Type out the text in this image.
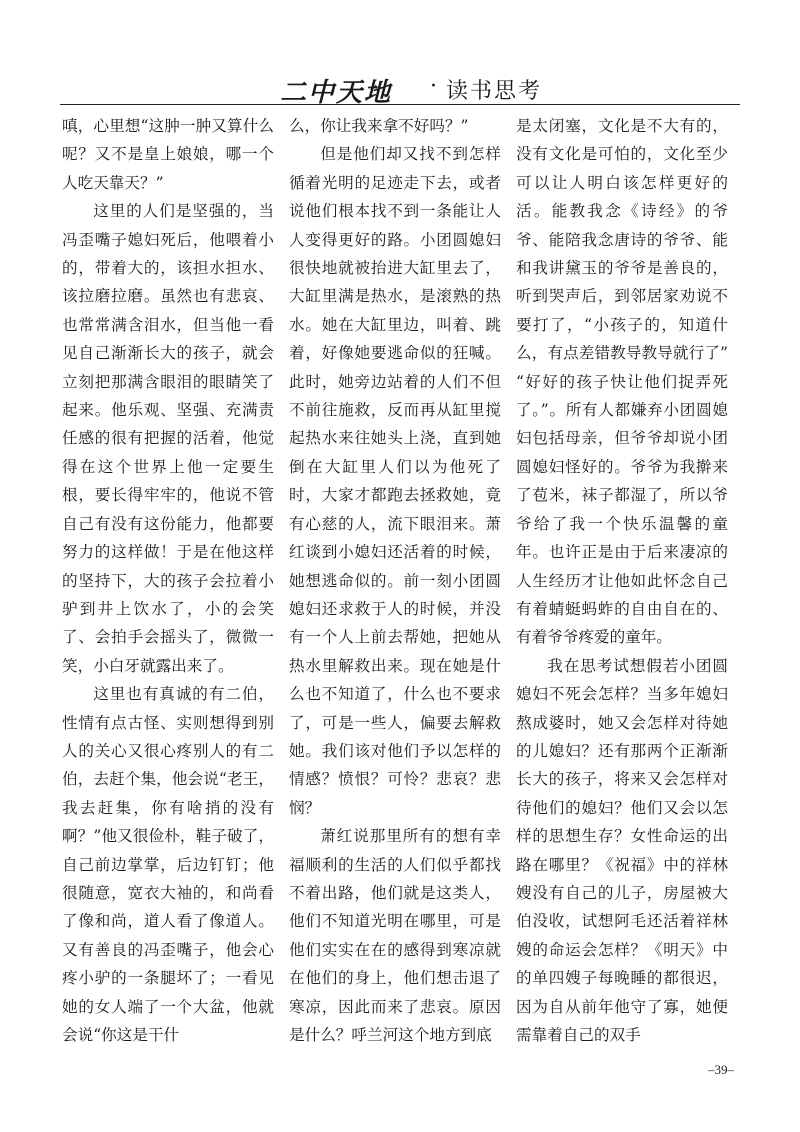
二中天地 · 读书思考

嗔，心里想“这肿一肿又算什么呢？又不是皇上娘娘，哪一个人吃天靠天？”

这里的人们是坚强的，当冯歪嘴子媳妇死后，他喂着小的，带着大的，该担水担水、该拉磨拉磨。虽然也有悲哀、也常常满含泪水，但当他一看见自己渐渐长大的孩子，就会立刻把那满含眼泪的眼睛笑了起来。他乐观、坚强、充满责任感的很有把握的活着，他觉得在这个世界上他一定要生根，要长得牢牢的，他说不管自己有没有这份能力，他都要努力的这样做！于是在他这样的坚持下，大的孩子会拉着小驴到井上饮水了，小的会笑了、会拍手会摇头了，微微一笑，小白牙就露出来了。

这里也有真诚的有二伯，性情有点古怪、实则想得到别人的关心又很心疼别人的有二伯，去赶个集，他会说“老王，我去赶集，你有啥捎的没有啊？”他又很俭朴，鞋子破了，自己前边掌掌，后边钉钉；他很随意，宽衣大袖的，和尚看了像和尚，道人看了像道人。又有善良的冯歪嘴子，他会心疼小驴的一条腿坏了；一看见她的女人端了一个大盆，他就会说“你这是干什

么，你让我来拿不好吗？”

但是他们却又找不到怎样循着光明的足迹走下去，或者说他们根本找不到一条能让人人变得更好的路。小团圆媳妇很快地就被抬进大缸里去了，大缸里满是热水，是滚熟的热水。她在大缸里边，叫着、跳着，好像她要逃命似的狂喊。此时，她旁边站着的人们不但不前往施救，反而再从缸里搅起热水来往她头上浇，直到她倒在大缸里人们以为他死了时，大家才都跑去拯救她，竟有心慈的人，流下眼泪来。萧红谈到小媳妇还活着的时候，她想逃命似的。前一刻小团圆媳妇还求救于人的时候，并没有一个人上前去帮她，把她从热水里解救出来。现在她是什么也不知道了，什么也不要求了，可是一些人，偏要去解救她。我们该对他们予以怎样的情感？愤恨？可怜？悲哀？悲悯？

萧红说那里所有的想有幸福顺利的生活的人们似乎都找不着出路，他们就是这类人，他们不知道光明在哪里，可是他们实实在在的感得到寒凉就在他们的身上，他们想击退了寒凉，因此而来了悲哀。原因是什么？呼兰河这个地方到底

是太闭塞，文化是不大有的，没有文化是可怕的，文化至少可以让人明白该怎样更好的活。能教我念《诗经》的爷爷、能陪我念唐诗的爷爷、能和我讲黛玉的爷爷是善良的，听到哭声后，到邻居家劝说不要打了，“小孩子的，知道什么，有点差错教导教导就行了” “好好的孩子快让他们捉弄死了。”。所有人都嫌弃小团圆媳妇包括母亲，但爷爷却说小团圆媳妇怪好的。爷爷为我擀来了苞米，袜子都湿了，所以爷爷给了我一个快乐温馨的童年。也许正是由于后来凄凉的人生经历才让他如此怀念自己有着蜻蜓蚂蚱的自由自在的、有着爷爷疼爱的童年。

我在思考试想假若小团圆媳妇不死会怎样？当多年媳妇熬成婆时，她又会怎样对待她的儿媳妇？还有那两个正渐渐长大的孩子，将来又会怎样对待他们的媳妇？他们又会以怎样的思想生存？女性命运的出路在哪里？《祝福》中的祥林嫂没有自己的儿子，房屋被大伯没收，试想阿毛还活着祥林嫂的命运会怎样？《明天》中的单四嫂子每晚睡的都很迟，因为自从前年他守了寡，她便需靠着自己的双手

–39–
